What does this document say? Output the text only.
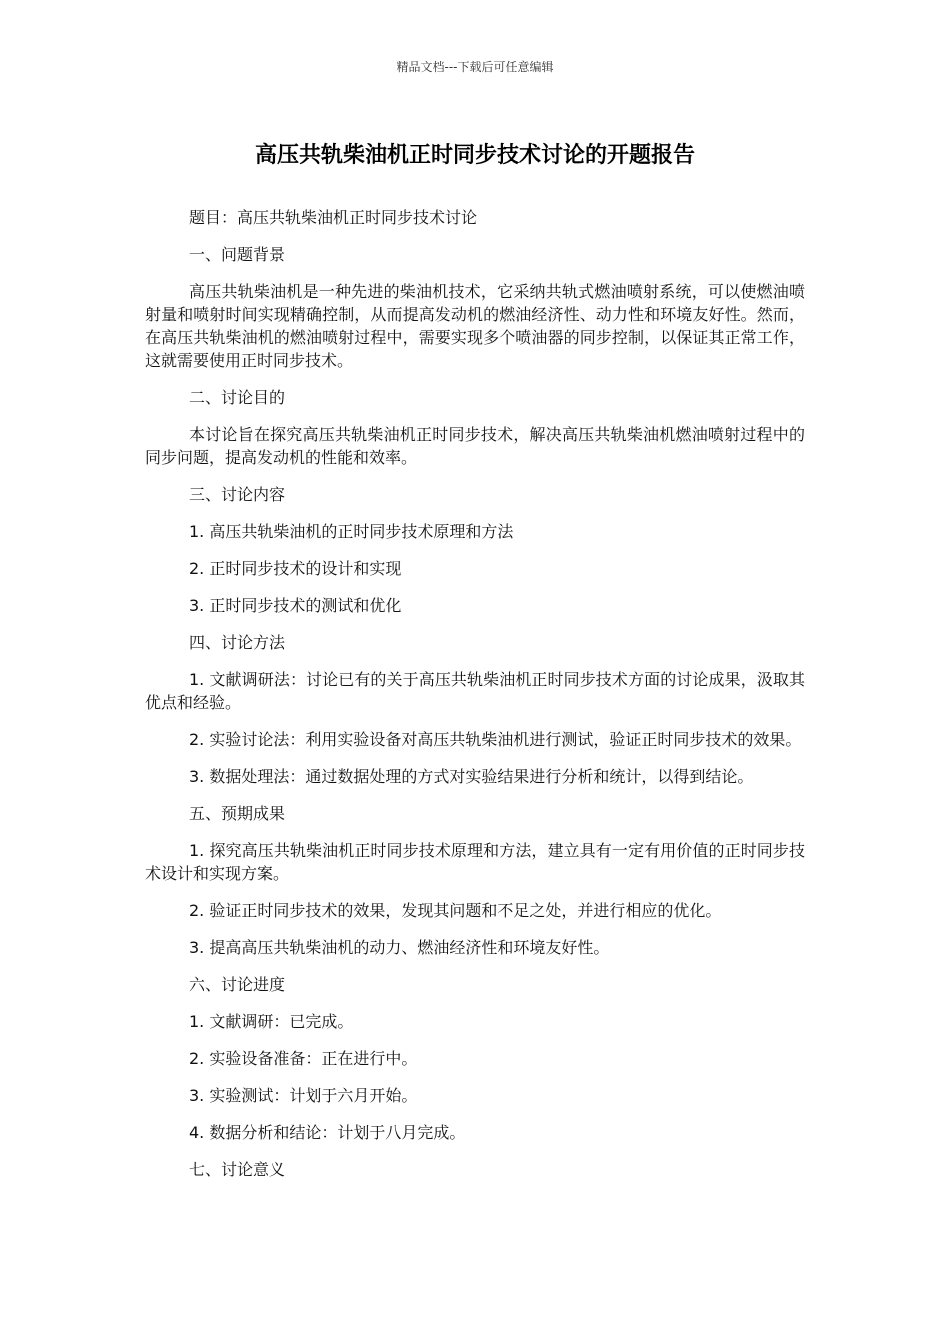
精品文档---下载后可任意编辑
高压共轨柴油机正时同步技术讨论的开题报告

题目：高压共轨柴油机正时同步技术讨论

一、问题背景

高压共轨柴油机是一种先进的柴油机技术，它采纳共轨式燃油喷射系统，可以使燃油喷射量和喷射时间实现精确控制，从而提高发动机的燃油经济性、动力性和环境友好性。然而，在高压共轨柴油机的燃油喷射过程中，需要实现多个喷油器的同步控制，以保证其正常工作，这就需要使用正时同步技术。

二、讨论目的

本讨论旨在探究高压共轨柴油机正时同步技术，解决高压共轨柴油机燃油喷射过程中的同步问题，提高发动机的性能和效率。

三、讨论内容

1. 高压共轨柴油机的正时同步技术原理和方法

2. 正时同步技术的设计和实现

3. 正时同步技术的测试和优化

四、讨论方法

1. 文献调研法：讨论已有的关于高压共轨柴油机正时同步技术方面的讨论成果，汲取其优点和经验。

2. 实验讨论法：利用实验设备对高压共轨柴油机进行测试，验证正时同步技术的效果。

3. 数据处理法：通过数据处理的方式对实验结果进行分析和统计，以得到结论。

五、预期成果

1. 探究高压共轨柴油机正时同步技术原理和方法，建立具有一定有用价值的正时同步技术设计和实现方案。

2. 验证正时同步技术的效果，发现其问题和不足之处，并进行相应的优化。

3. 提高高压共轨柴油机的动力、燃油经济性和环境友好性。

六、讨论进度

1. 文献调研：已完成。

2. 实验设备准备：正在进行中。

3. 实验测试：计划于六月开始。

4. 数据分析和结论：计划于八月完成。

七、讨论意义
